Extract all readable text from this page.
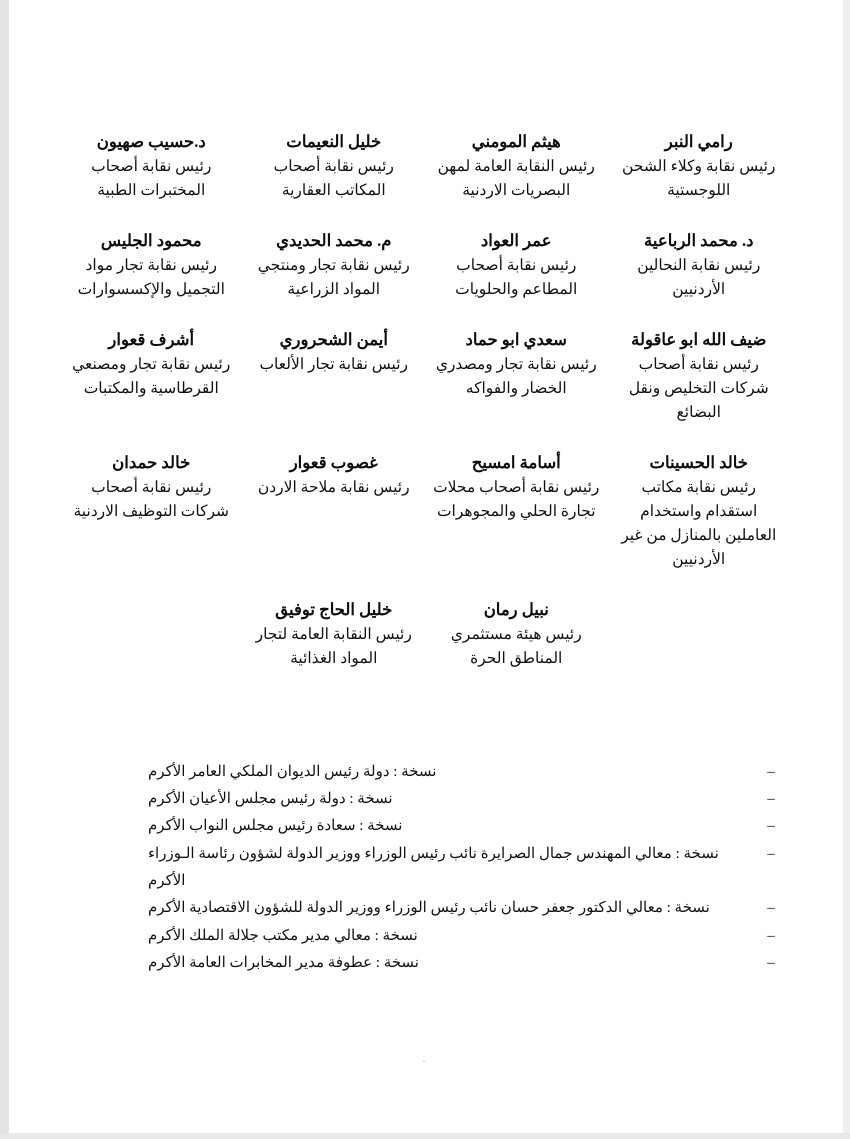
رامي النبر
رئيس نقابة وكلاء الشحن اللوجستية
هيثم المومني
رئيس النقابة العامة لمهن البصريات الاردنية
خليل النعيمات
رئيس نقابة أصحاب المكاتب العقارية
د.حسيب صهيون
رئيس نقابة أصحاب المختبرات الطبية
د. محمد الرباعية
رئيس نقابة النحالين الأردنيين
عمر العواد
رئيس نقابة أصحاب المطاعم والحلويات
م. محمد الحديدي
رئيس نقابة تجار ومنتجي المواد الزراعية
محمود الجليس
رئيس نقابة تجار مواد التجميل والإكسسوارات
ضيف الله ابو عاقولة
رئيس نقابة أصحاب شركات التخليص ونقل البضائع
سعدي ابو حماد
رئيس نقابة تجار ومصدري الخضار والفواكه
أيمن الشحروري
رئيس نقابة تجار الألعاب
أشرف قعوار
رئيس نقابة تجار ومصنعي القرطاسية والمكتبات
خالد الحسينات
رئيس نقابة مكاتب استقدام واستخدام العاملين بالمنازل من غير الأردنيين
أسامة امسيح
رئيس نقابة أصحاب محلات تجارة الحلي والمجوهرات
غصوب قعوار
رئيس نقابة ملاحة الاردن
خالد حمدان
رئيس نقابة أصحاب شركات التوظيف الاردنية
نبيل رمان
رئيس هيئة مستثمري المناطق الحرة
خليل الحاج توفيق
رئيس النقابة العامة لتجار المواد الغذائية
–
نسخة : دولة رئيس الديوان الملكي العامر الأكرم
–
نسخة : دولة رئيس مجلس الأعيان الأكرم
–
نسخة : سعادة رئيس مجلس النواب الأكرم
–
نسخة : معالي المهندس جمال الصرايرة نائب رئيس الوزراء ووزير الدولة لشؤون رئاسة الـوزراء الأكرم
–
نسخة : معالي الدكتور جعفر حسان نائب رئيس الوزراء ووزير الدولة للشؤون الاقتصادية الأكرم
–
نسخة : معالي مدير مكتب جلالة الملك الأكرم
–
نسخة : عطوفة مدير المخابرات العامة الأكرم
.
